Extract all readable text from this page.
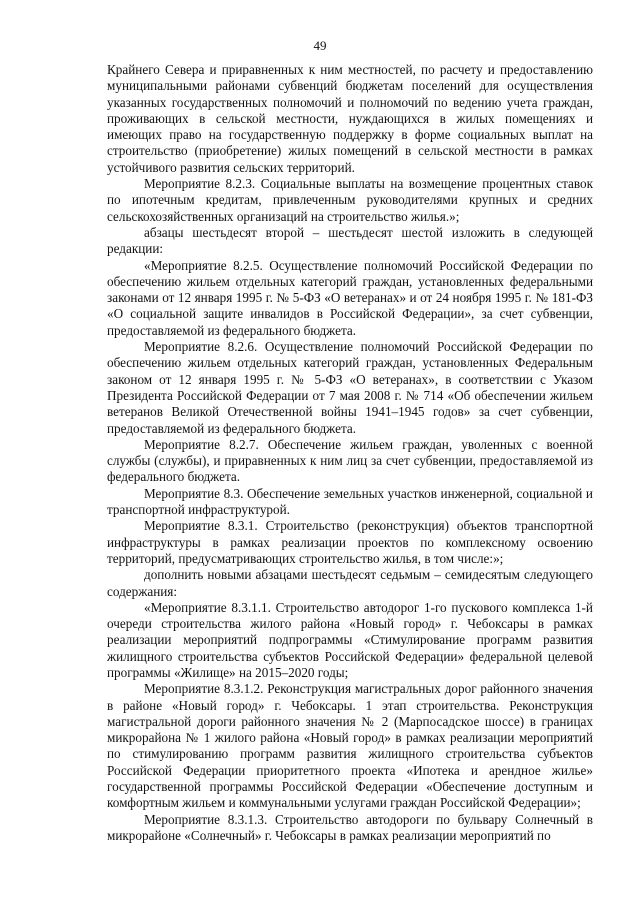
49

Крайнего Севера и приравненных к ним местностей, по расчету и предоставлению муниципальными районами субвенций бюджетам поселений для осуществления указанных государственных полномочий и полномочий по ведению учета граждан, проживающих в сельской местности, нуждающихся в жилых помещениях и имеющих право на государственную поддержку в форме социальных выплат на строительство (приобретение) жилых помещений в сельской местности в рамках устойчивого развития сельских территорий.

Мероприятие 8.2.3. Социальные выплаты на возмещение процентных ставок по ипотечным кредитам, привлеченным руководителями крупных и средних сельскохозяйственных организаций на строительство жилья.»;

абзацы шестьдесят второй – шестьдесят шестой изложить в следующей редакции:

«Мероприятие 8.2.5. Осуществление полномочий Российской Федерации по обеспечению жильем отдельных категорий граждан, установленных федеральными законами от 12 января 1995 г. № 5-ФЗ «О ветеранах» и от 24 ноября 1995 г. № 181-ФЗ «О социальной защите инвалидов в Российской Федерации», за счет субвенции, предоставляемой из федерального бюджета.

Мероприятие 8.2.6. Осуществление полномочий Российской Федерации по обеспечению жильем отдельных категорий граждан, установленных Федеральным законом от 12 января 1995 г. № 5-ФЗ «О ветеранах», в соответствии с Указом Президента Российской Федерации от 7 мая 2008 г. № 714 «Об обеспечении жильем ветеранов Великой Отечественной войны 1941–1945 годов» за счет субвенции, предоставляемой из федерального бюджета.

Мероприятие 8.2.7. Обеспечение жильем граждан, уволенных с военной службы (службы), и приравненных к ним лиц за счет субвенции, предоставляемой из федерального бюджета.

Мероприятие 8.3. Обеспечение земельных участков инженерной, социальной и транспортной инфраструктурой.

Мероприятие 8.3.1. Строительство (реконструкция) объектов транспортной инфраструктуры в рамках реализации проектов по комплексному освоению территорий, предусматривающих строительство жилья, в том числе:»;

дополнить новыми абзацами шестьдесят седьмым – семидесятым следующего содержания:

«Мероприятие 8.3.1.1. Строительство автодорог 1-го пускового комплекса 1-й очереди строительства жилого района «Новый город» г. Чебоксары в рамках реализации мероприятий подпрограммы «Стимулирование программ развития жилищного строительства субъектов Российской Федерации» федеральной целевой программы «Жилище» на 2015–2020 годы;

Мероприятие 8.3.1.2. Реконструкция магистральных дорог районного значения в районе «Новый город» г. Чебоксары. 1 этап строительства. Реконструкция магистральной дороги районного значения № 2 (Марпосадское шоссе) в границах микрорайона № 1 жилого района «Новый город» в рамках реализации мероприятий по стимулированию программ развития жилищного строительства субъектов Российской Федерации приоритетного проекта «Ипотека и арендное жилье» государственной программы Российской Федерации «Обеспечение доступным и комфортным жильем и коммунальными услугами граждан Российской Федерации»;

Мероприятие 8.3.1.3. Строительство автодороги по бульвару Солнечный в микрорайоне «Солнечный» г. Чебоксары в рамках реализации мероприятий по
